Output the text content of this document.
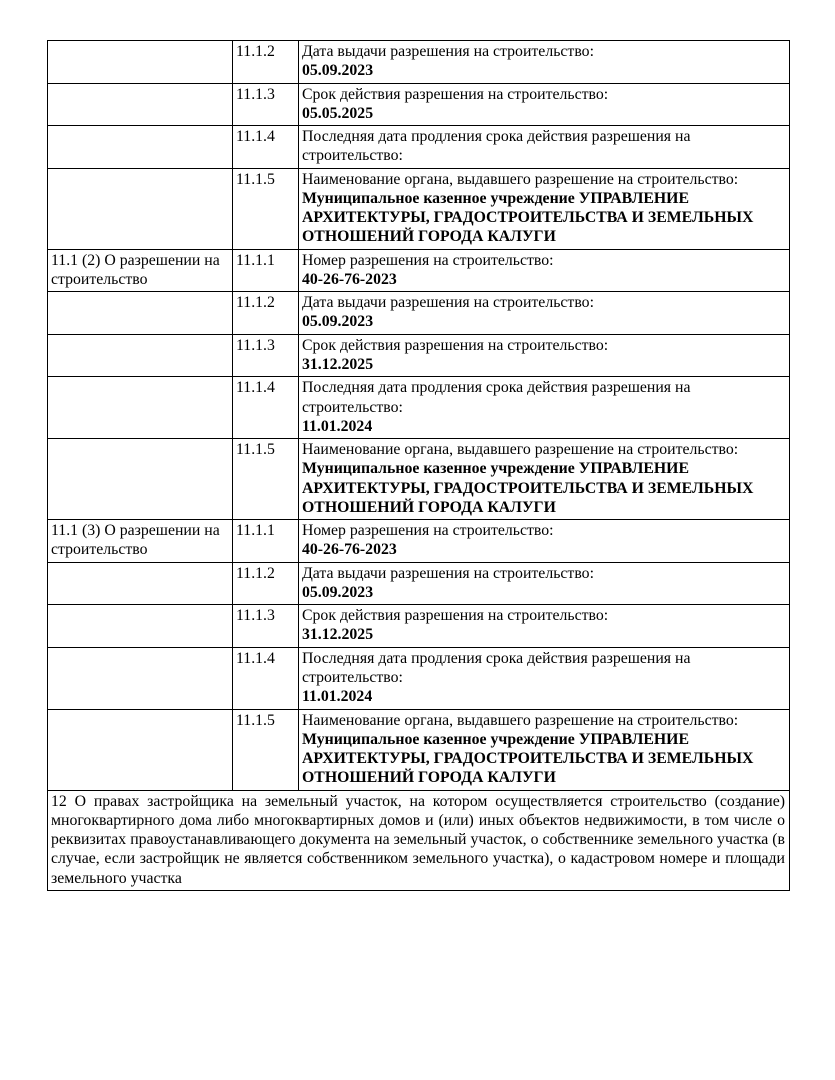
	11.1.2	Дата выдачи разрешения на строительство:
05.09.2023

	11.1.3	Срок действия разрешения на строительство:
05.05.2025

	11.1.4	Последняя дата продления срока действия разрешения на строительство:

	11.1.5	Наименование органа, выдавшего разрешение на строительство:
Муниципальное казенное учреждение УПРАВЛЕНИЕ АРХИТЕКТУРЫ, ГРАДОСТРОИТЕЛЬСТВА И ЗЕМЕЛЬНЫХ ОТНОШЕНИЙ ГОРОДА КАЛУГИ

11.1 (2) О разрешении на строительство	11.1.1	Номер разрешения на строительство:
40-26-76-2023

	11.1.2	Дата выдачи разрешения на строительство:
05.09.2023

	11.1.3	Срок действия разрешения на строительство:
31.12.2025

	11.1.4	Последняя дата продления срока действия разрешения на строительство:
11.01.2024

	11.1.5	Наименование органа, выдавшего разрешение на строительство:
Муниципальное казенное учреждение УПРАВЛЕНИЕ АРХИТЕКТУРЫ, ГРАДОСТРОИТЕЛЬСТВА И ЗЕМЕЛЬНЫХ ОТНОШЕНИЙ ГОРОДА КАЛУГИ

11.1 (3) О разрешении на строительство	11.1.1	Номер разрешения на строительство:
40-26-76-2023

	11.1.2	Дата выдачи разрешения на строительство:
05.09.2023

	11.1.3	Срок действия разрешения на строительство:
31.12.2025

	11.1.4	Последняя дата продления срока действия разрешения на строительство:
11.01.2024

	11.1.5	Наименование органа, выдавшего разрешение на строительство:
Муниципальное казенное учреждение УПРАВЛЕНИЕ АРХИТЕКТУРЫ, ГРАДОСТРОИТЕЛЬСТВА И ЗЕМЕЛЬНЫХ ОТНОШЕНИЙ ГОРОДА КАЛУГИ

12 О правах застройщика на земельный участок, на котором осуществляется строительство (создание) многоквартирного дома либо многоквартирных домов и (или) иных объектов недвижимости, в том числе о реквизитах правоустанавливающего документа на земельный участок, о собственнике земельного участка (в случае, если застройщик не является собственником земельного участка), о кадастровом номере и площади земельного участка		
